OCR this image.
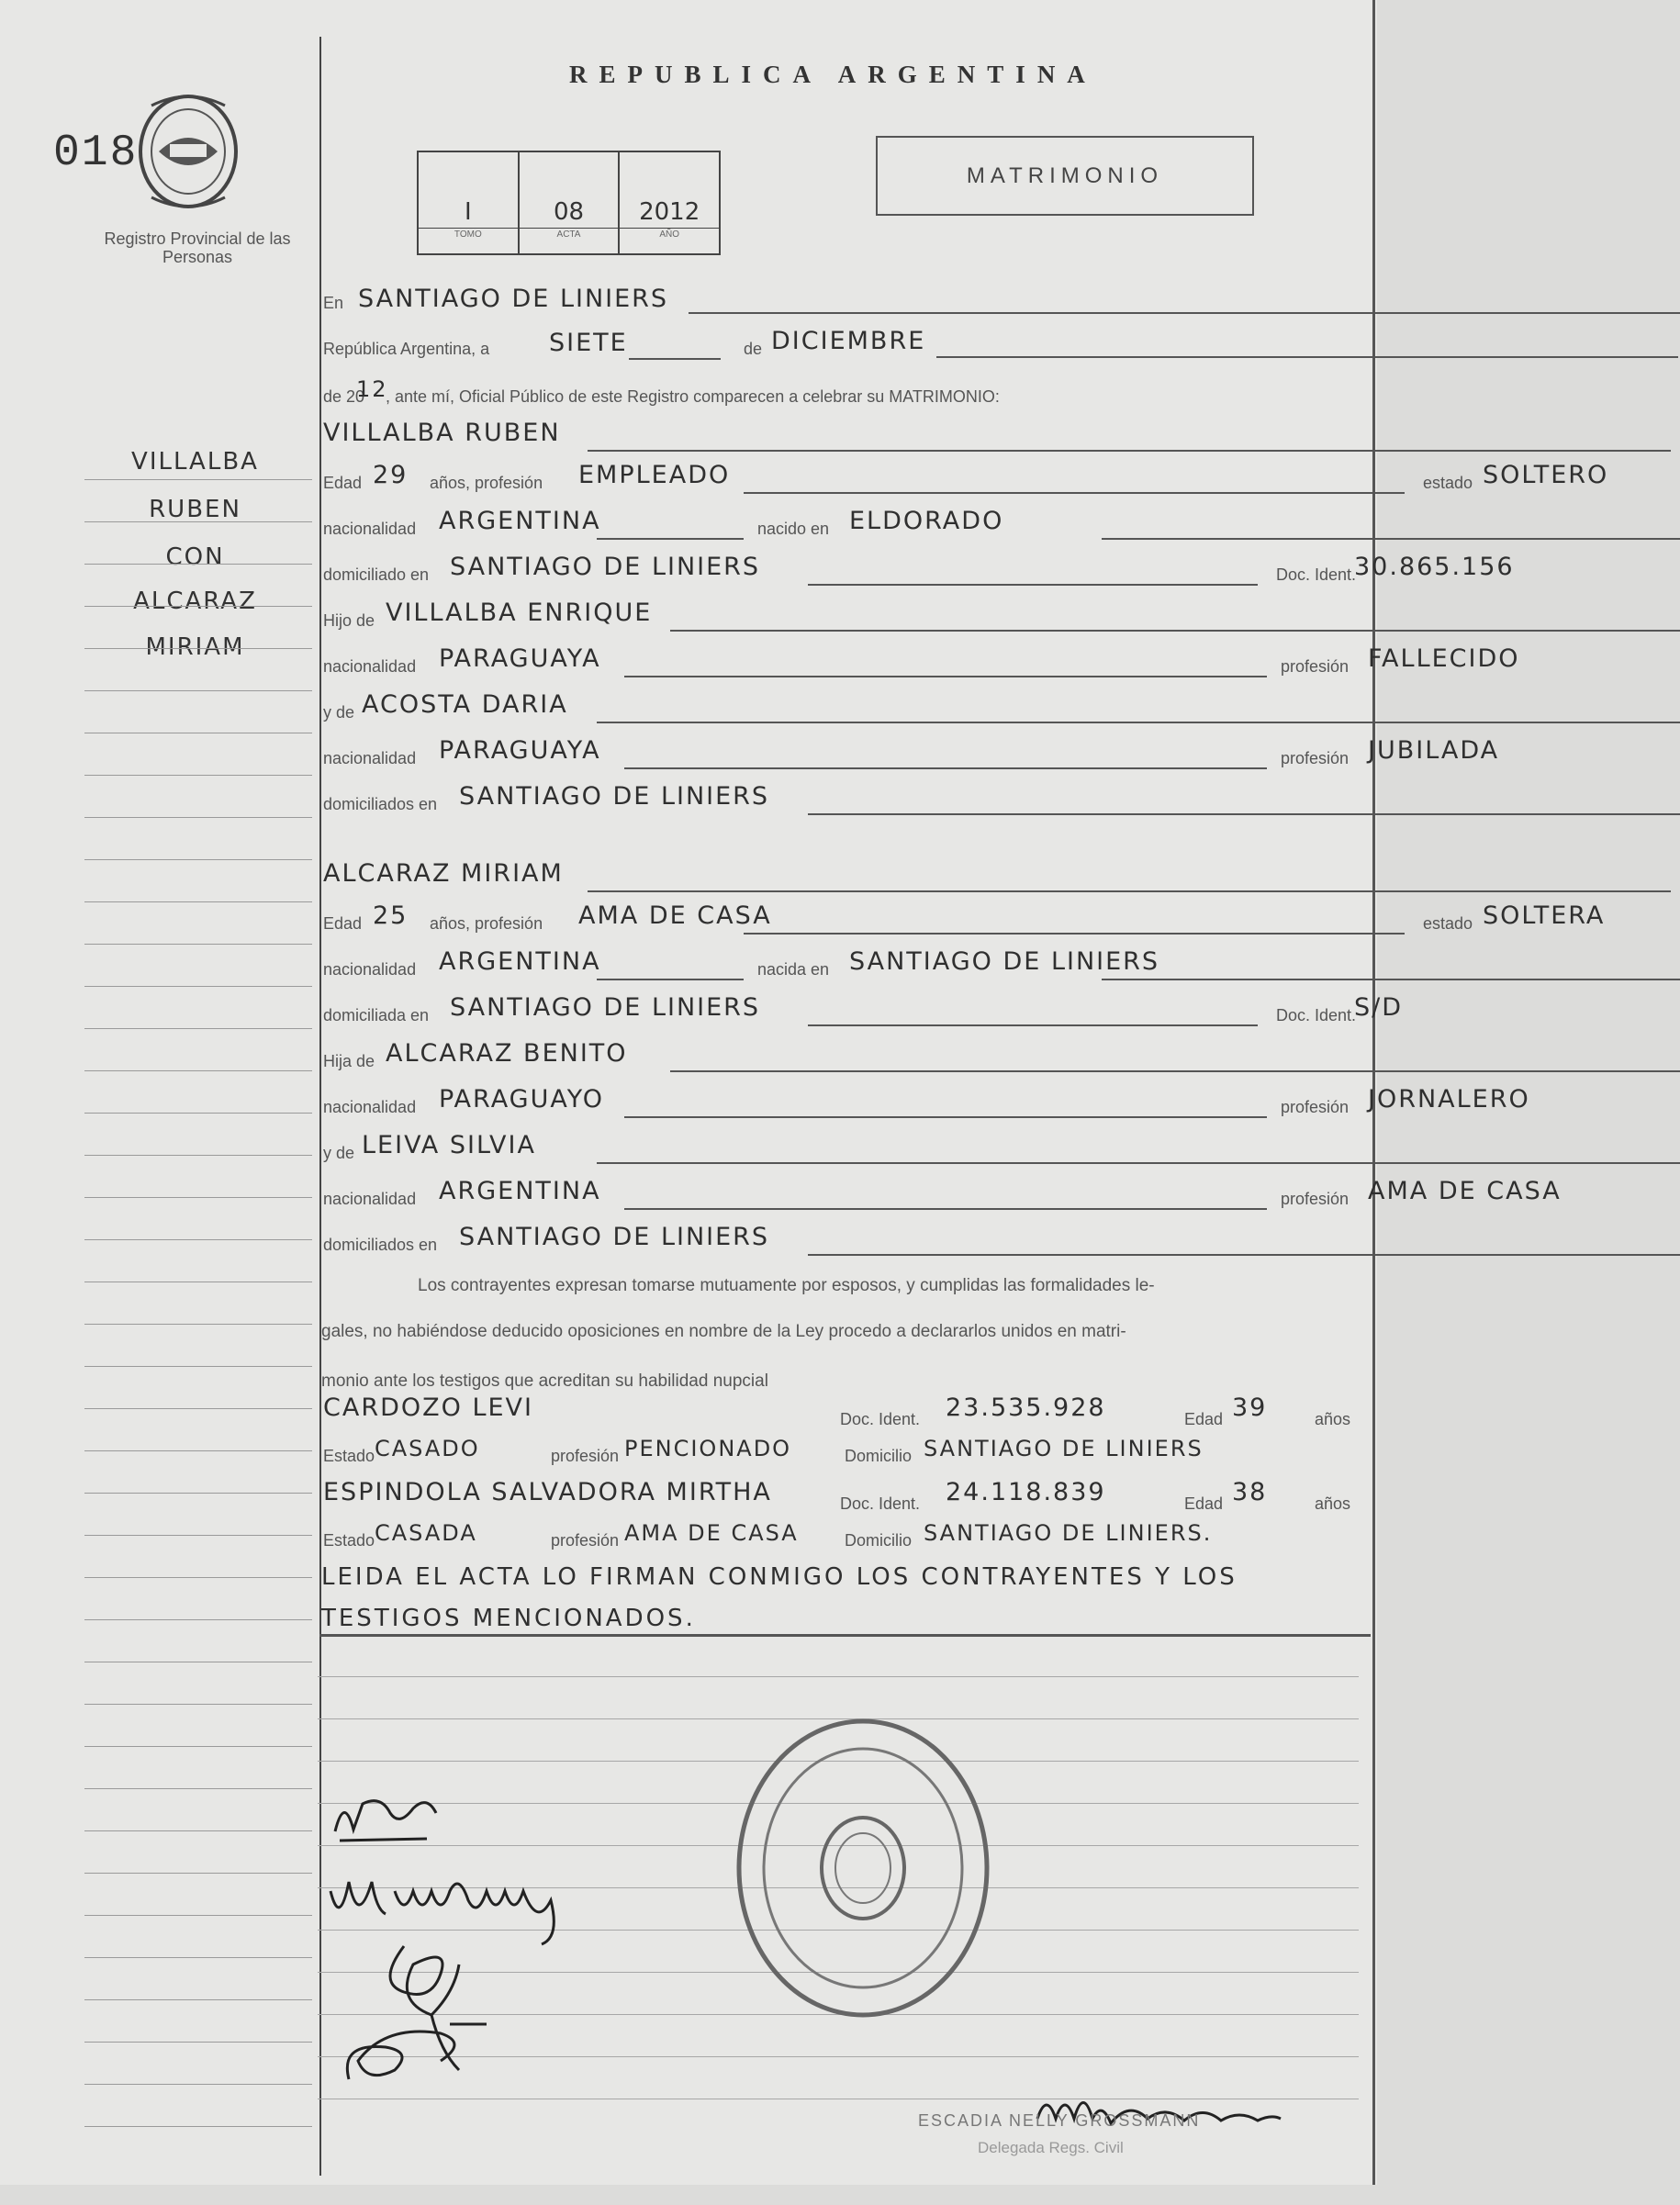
018
Registro Provincial de las Personas
VILLALBA
RUBEN
CON
ALCARAZ
MIRIAM
REPUBLICA ARGENTINA
I
TOMO
08
ACTA
2012
AÑO
MATRIMONIO
En SANTIAGO DE LINIERS
República Argentina, a SIETE	de DICIEMBRE
de 20
12
, ante mí, Oficial Público de este Registro comparecen a celebrar su MATRIMONIO:
VILLALBA RUBEN
Edad 29 años, profesión EMPLEADO	estado SOLTERO
nacionalidad ARGENTINA	nacido en ELDORADO
domiciliado en SANTIAGO DE LINIERS	Doc. Ident.
30.865.156
Hijo de VILLALBA ENRIQUE
nacionalidad PARAGUAYA	profesión FALLECIDO
y de ACOSTA DARIA
nacionalidad PARAGUAYA	profesión JUBILADA
domiciliados en SANTIAGO DE LINIERS
ALCARAZ MIRIAM
Edad 25 años, profesión AMA DE CASA	estado SOLTERA
nacionalidad ARGENTINA	nacida en SANTIAGO DE LINIERS
domiciliada en SANTIAGO DE LINIERS	Doc. Ident.
S/D
Hija de ALCARAZ BENITO
nacionalidad PARAGUAYO	profesión JORNALERO
y de LEIVA SILVIA
nacionalidad ARGENTINA	profesión AMA DE CASA
domiciliados en SANTIAGO DE LINIERS
Los contrayentes expresan tomarse mutuamente por esposos, y cumplidas las formalidades le-
gales, no habiéndose deducido oposiciones en nombre de la Ley procedo a declararlos unidos en matri-
monio ante los testigos que acreditan su habilidad nupcial
CARDOZO LEVI	Doc. Ident. 23.535.928	Edad 39	años
Estado CASADO	profesión PENCIONADO	Domicilio SANTIAGO DE LINIERS
ESPINDOLA SALVADORA MIRTHA	Doc. Ident. 24.118.839	Edad 38	años
Estado CASADA	profesión AMA DE CASA	Domicilio SANTIAGO DE LINIERS.
LEIDA EL ACTA LO FIRMAN CONMIGO LOS CONTRAYENTES Y LOS
TESTIGOS MENCIONADOS.
ESCADIA NELLY GROSSMANN
Delegada Regs. Civil
